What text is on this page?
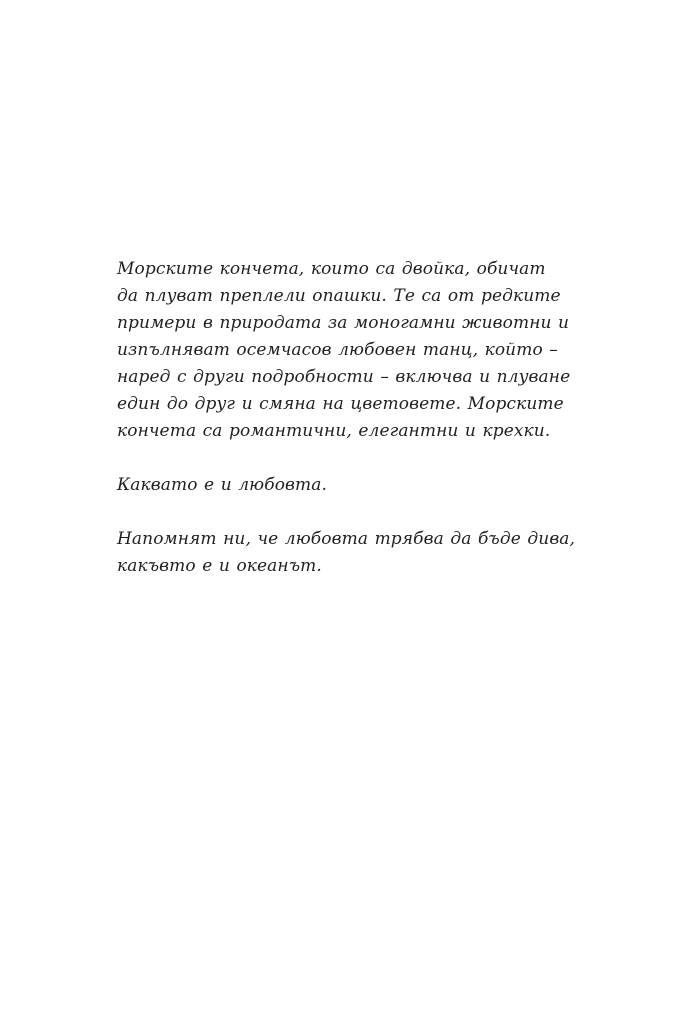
Морските кончета, които са двойка, обичат
да плуват преплели опашки. Те са от редките
примери в природата за моногамни животни и
изпълняват осемчасов любовен танц, който –
наред с други подробности – включва и плуване
един до друг и смяна на цветовете. Морските
кончета са романтични, елегантни и крехки.

Каквато е и любовта.

Напомнят ни, че любовта трябва да бъде дива,
какъвто е и океанът.
